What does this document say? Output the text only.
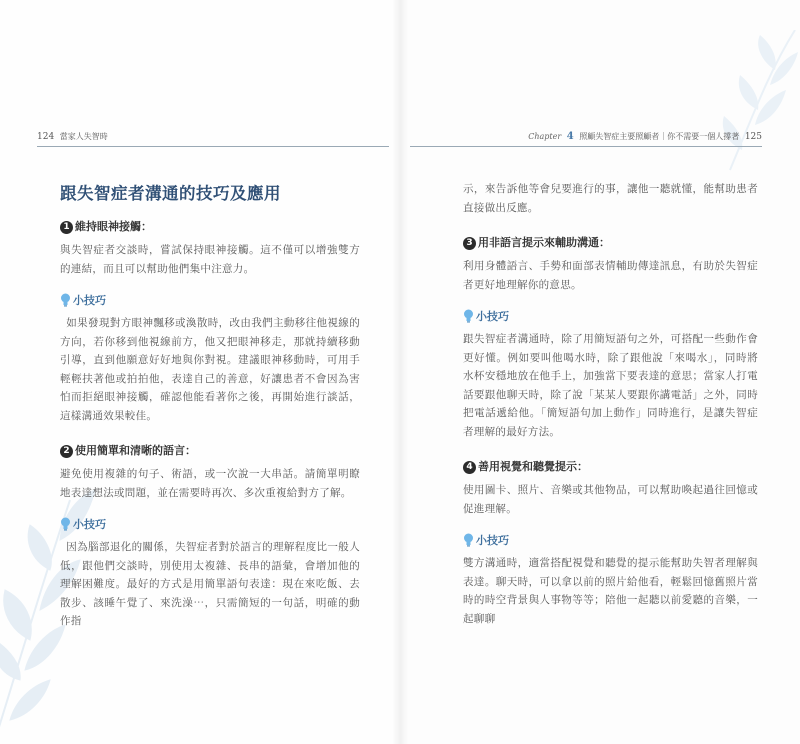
124 當家人失智時	Chapter 4 照顧失智症主要照顧者｜你不需要一個人撐著 125
跟失智症者溝通的技巧及應用
1 維持眼神接觸：

與失智症者交談時，嘗試保持眼神接觸。這不僅可以增強雙方的連結，而且可以幫助他們集中注意力。

小技巧

如果發現對方眼神飄移或渙散時，改由我們主動移往他視線的方向，若你移到他視線前方，他又把眼神移走，那就持續移動引導，直到他願意好好地與你對視。建議眼神移動時，可用手輕輕扶著他或拍拍他，表達自己的善意，好讓患者不會因為害怕而拒絕眼神接觸，確認他能看著你之後，再開始進行談話，這樣溝通效果較佳。

2 使用簡單和清晰的語言：

避免使用複雜的句子、術語，或一次說一大串話。請簡單明瞭地表達想法或問題，並在需要時再次、多次重複給對方了解。

小技巧

因為腦部退化的關係，失智症者對於語言的理解程度比一般人低，跟他們交談時，別使用太複雜、長串的語彙，會增加他的理解困難度。最好的方式是用簡單語句表達：現在來吃飯、去散步、該睡午覺了、來洗澡⋯，只需簡短的一句話，明確的動作指

示，來告訴他等會兒要進行的事，讓他一聽就懂，能幫助患者直接做出反應。

3 用非語言提示來輔助溝通：

利用身體語言、手勢和面部表情輔助傳達訊息，有助於失智症者更好地理解你的意思。

小技巧

跟失智症者溝通時，除了用簡短語句之外，可搭配一些動作會更好懂。例如要叫他喝水時，除了跟他說「來喝水」，同時將水杯安穩地放在他手上，加強當下要表達的意思；當家人打電話要跟他聊天時，除了說「某某人要跟你講電話」之外，同時把電話遞給他。「簡短語句加上動作」同時進行，是讓失智症者理解的最好方法。

4 善用視覺和聽覺提示：

使用圖卡、照片、音樂或其他物品，可以幫助喚起過往回憶或促進理解。

小技巧

雙方溝通時，適當搭配視覺和聽覺的提示能幫助失智者理解與表達。聊天時，可以拿以前的照片給他看，輕鬆回憶舊照片當時的時空背景與人事物等等；陪他一起聽以前愛聽的音樂，一起聊聊
